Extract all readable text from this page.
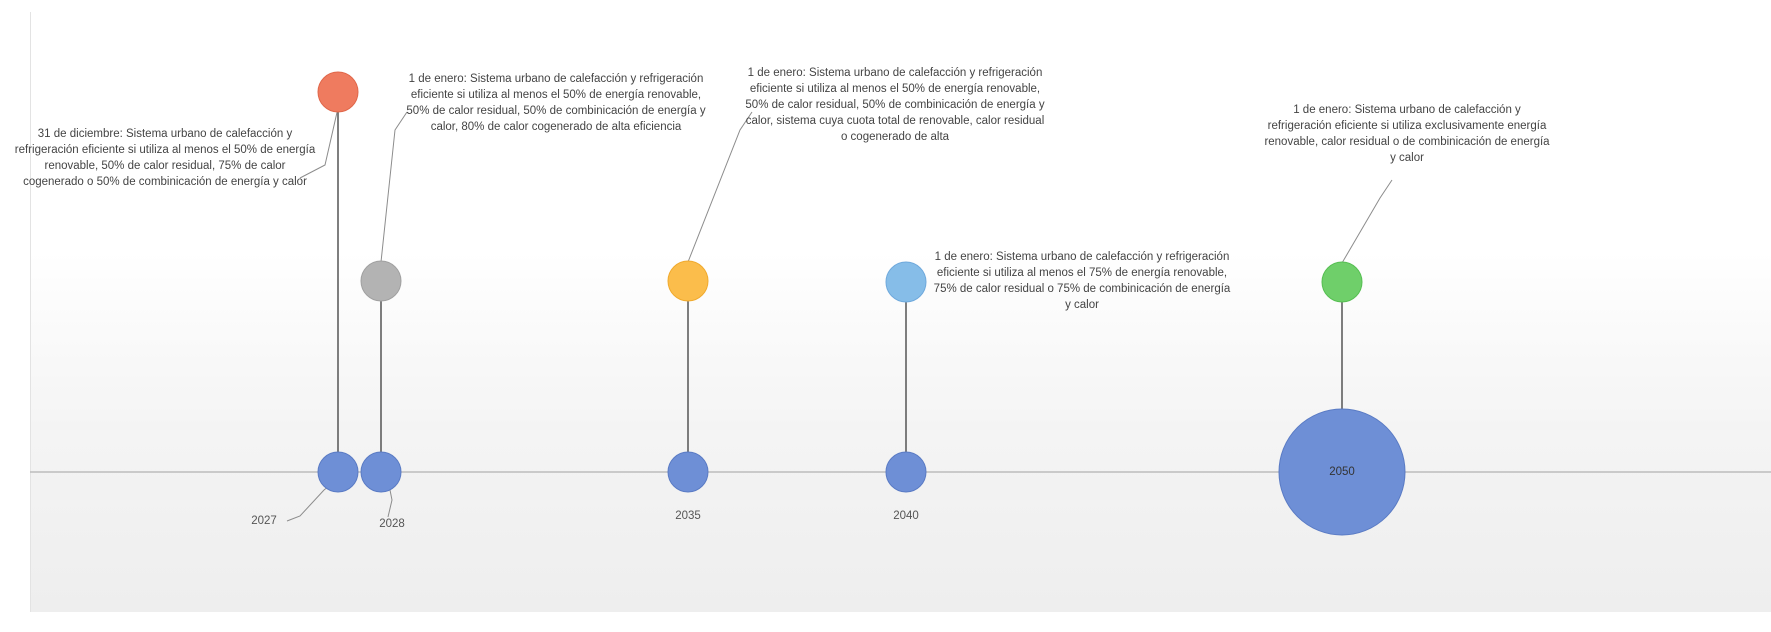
31 de diciembre: Sistema urbano de calefacción y refrigeración eficiente si utiliza al menos el 50% de energía renovable, 50% de calor residual, 75% de calor cogenerado o 50% de combinicación de energía y calor
1 de enero: Sistema urbano de calefacción y refrigeración eficiente si utiliza al menos el 50% de energía renovable, 50% de calor residual, 50% de combinicación de energía y calor, 80% de calor cogenerado de alta eficiencia
1 de enero: Sistema urbano de calefacción y refrigeración eficiente si utiliza al menos el 50% de energía renovable, 50% de calor residual, 50% de combinicación de energía y calor, sistema cuya cuota total de renovable, calor residual o cogenerado de alta
1 de enero: Sistema urbano de calefacción y refrigeración eficiente si utiliza al menos el 75% de energía renovable, 75% de calor residual o 75% de combinicación de energía y calor
1 de enero: Sistema urbano de calefacción y refrigeración eficiente si utiliza exclusivamente energía renovable, calor residual o de combinicación de energía y calor
2027	2028
2035	2040
2050
